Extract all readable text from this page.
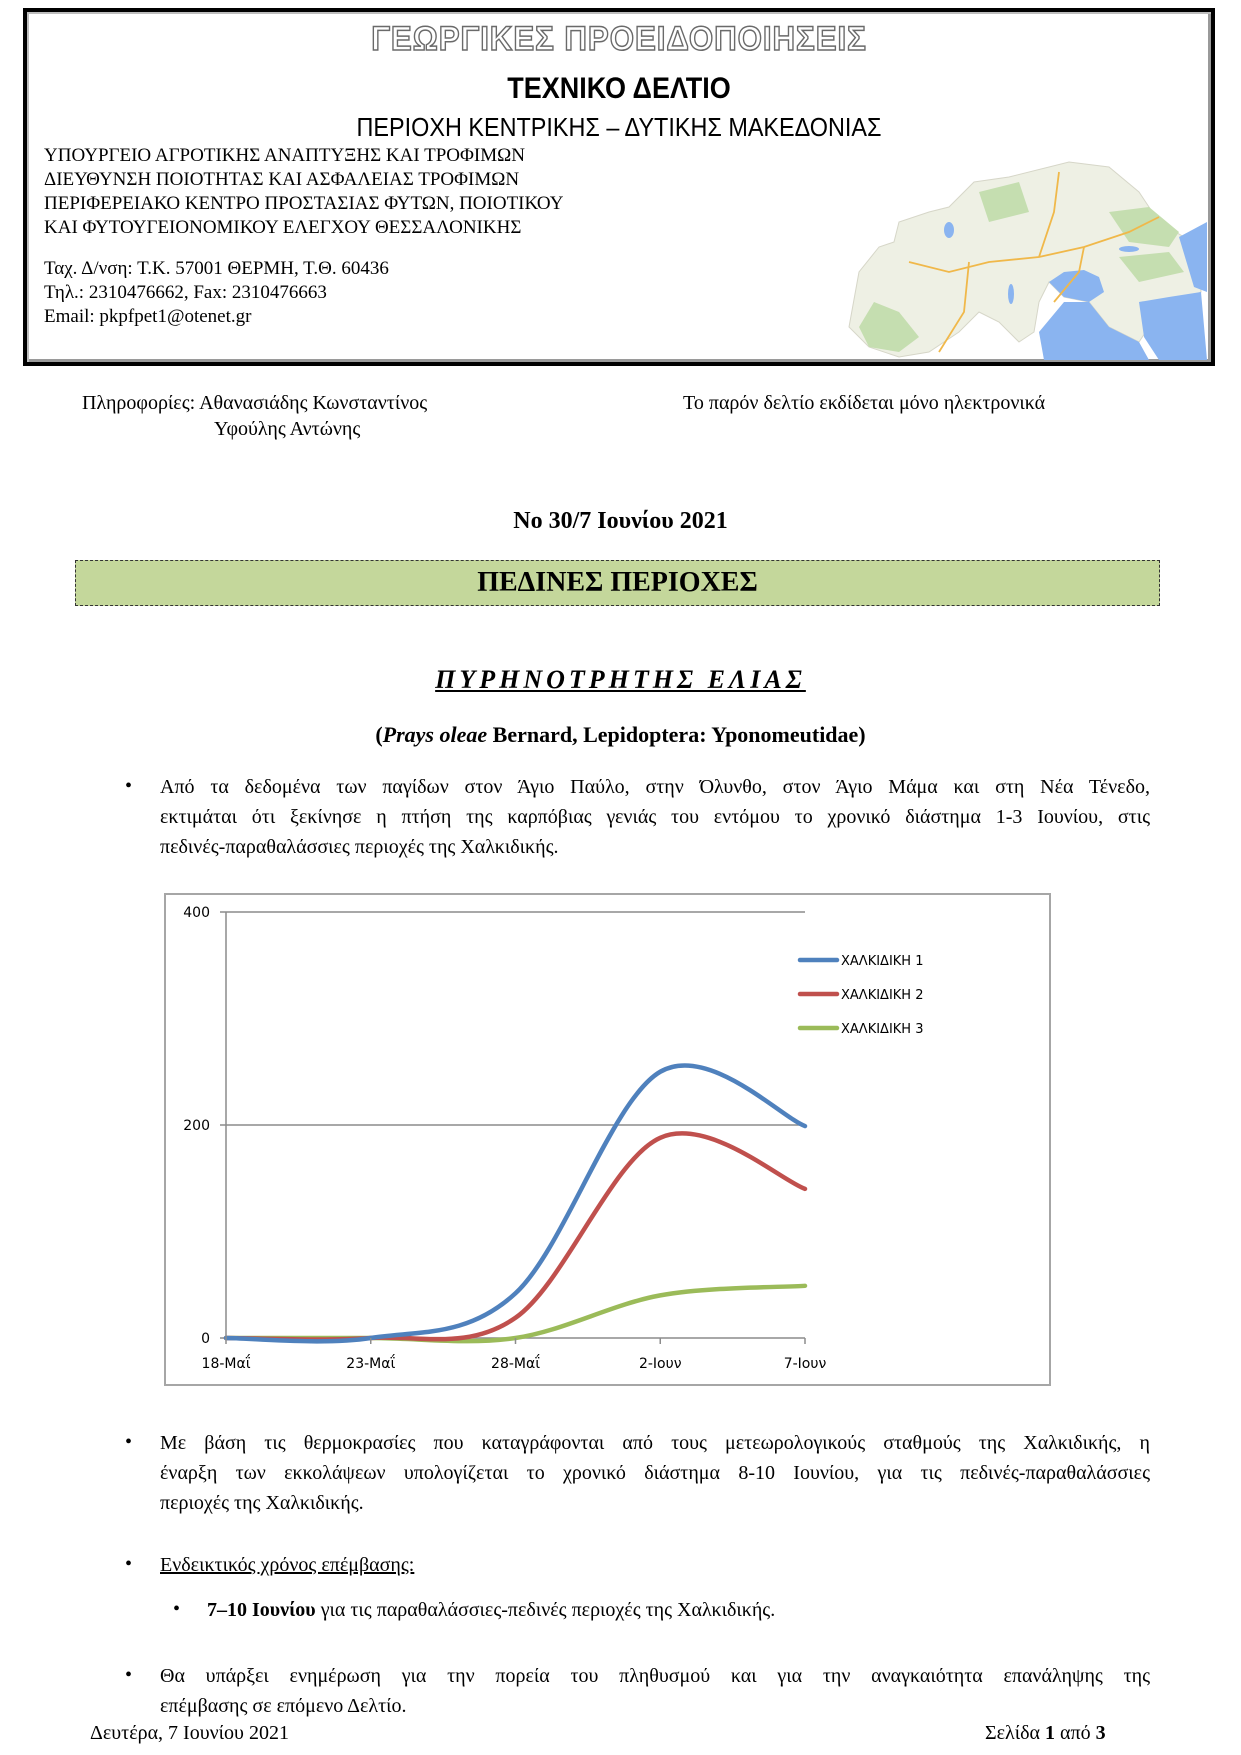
ΓΕΩΡΓΙΚΕΣ ΠΡΟΕΙΔΟΠΟΙΗΣΕΙΣ
ΤΕΧΝΙΚΟ ΔΕΛΤΙΟ
ΠΕΡΙΟΧΗ ΚΕΝΤΡΙΚΗΣ – ΔΥΤΙΚΗΣ ΜΑΚΕΔΟΝΙΑΣ
ΥΠΟΥΡΓΕΙΟ ΑΓΡΟΤΙΚΗΣ ΑΝΑΠΤΥΞΗΣ ΚΑΙ ΤΡΟΦΙΜΩΝ
ΔΙΕΥΘΥΝΣΗ ΠΟΙΟΤΗΤΑΣ ΚΑΙ ΑΣΦΑΛΕΙΑΣ ΤΡΟΦΙΜΩΝ
ΠΕΡΙΦΕΡΕΙΑΚΟ ΚΕΝΤΡΟ ΠΡΟΣΤΑΣΙΑΣ ΦΥΤΩΝ, ΠΟΙΟΤΙΚΟΥ
ΚΑΙ ΦΥΤΟΥΓΕΙΟΝΟΜΙΚΟΥ ΕΛΕΓΧΟΥ ΘΕΣΣΑΛΟΝΙΚΗΣ
Ταχ. Δ/νση: Τ.Κ. 57001 ΘΕΡΜΗ, Τ.Θ. 60436
Τηλ.: 2310476662, Fax: 2310476663
Email: pkpfpet1@otenet.gr
Πληροφορίες: Αθανασιάδης Κωνσταντίνος
Υφούλης Αντώνης
Το παρόν δελτίο εκδίδεται μόνο ηλεκτρονικά
Νο 30/7 Ιουνίου 2021
ΠΕΔΙΝΕΣ ΠΕΡΙΟΧΕΣ
ΠΥΡΗΝΟΤΡΗΤΗΣ ΕΛΙΑΣ
(Prays oleae Bernard, Lepidoptera: Yponomeutidae)
• Από τα δεδομένα των παγίδων στον Άγιο Παύλο, στην Όλυνθο, στον Άγιο Μάμα και στη Νέα Τένεδο,
εκτιμάται ότι ξεκίνησε η πτήση της καρπόβιας γενιάς του εντόμου το χρονικό διάστημα 1-3 Ιουνίου, στις
πεδινές-παραθαλάσσιες περιοχές της Χαλκιδικής.
0
200
400
18-Μαΐ	23-Μαΐ	28-Μαΐ	2-Ιουν	7-Ιουν
ΧΑΛΚΙΔΙΚΗ 1
ΧΑΛΚΙΔΙΚΗ 2
ΧΑΛΚΙΔΙΚΗ 3
• Με βάση τις θερμοκρασίες που καταγράφονται από τους μετεωρολογικούς σταθμούς της Χαλκιδικής, η
έναρξη των εκκολάψεων υπολογίζεται το χρονικό διάστημα 8-10 Ιουνίου, για τις πεδινές-παραθαλάσσιες
περιοχές της Χαλκιδικής.
• Ενδεικτικός χρόνος επέμβασης:
• 7–10 Ιουνίου για τις παραθαλάσσιες-πεδινές περιοχές της Χαλκιδικής.
• Θα υπάρξει ενημέρωση για την πορεία του πληθυσμού και για την αναγκαιότητα επανάληψης της
επέμβασης σε επόμενο Δελτίο.
Δευτέρα, 7 Ιουνίου 2021	Σελίδα 1 από 3
